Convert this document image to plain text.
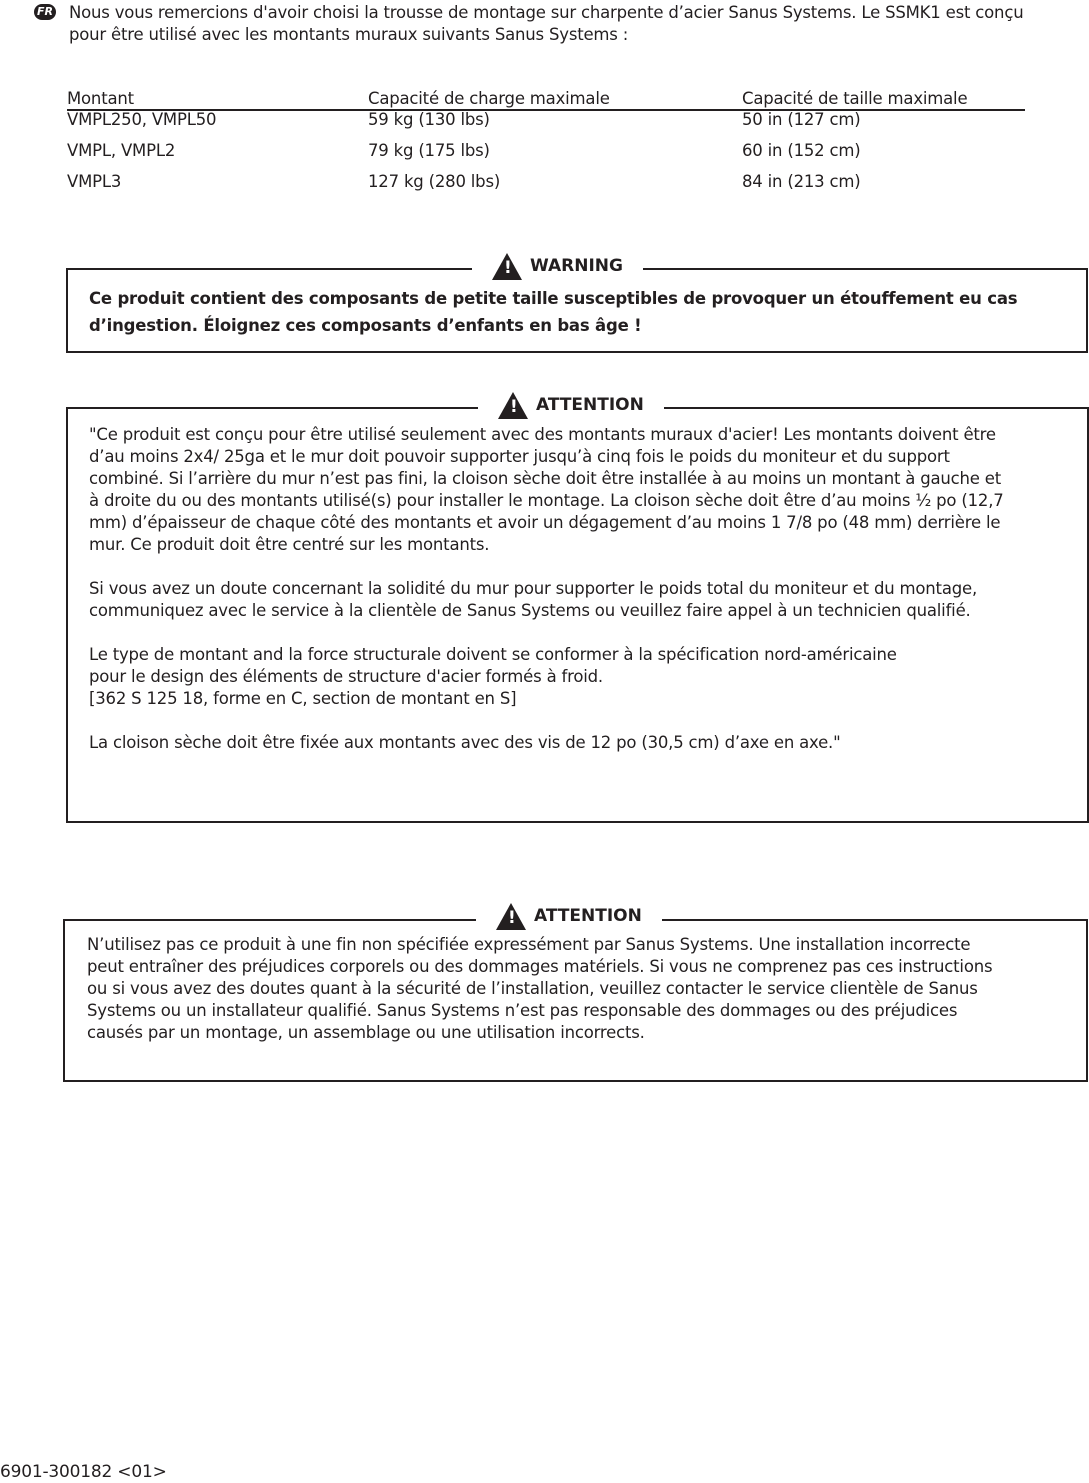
FR Nous vous remercions d'avoir choisi la trousse de montage sur charpente d’acier Sanus Systems. Le SSMK1 est conçu
pour être utilisé avec les montants muraux suivants Sanus Systems :
Montant	Capacité de charge maximale	Capacité de taille maximale
VMPL250, VMPL50	59 kg (130 lbs)	50 in (127 cm)
VMPL, VMPL2	79 kg (175 lbs)	60 in (152 cm)
VMPL3	127 kg (280 lbs)	84 in (213 cm)
! WARNING
Ce produit contient des composants de petite taille susceptibles de provoquer un étouffement eu cas
d’ingestion. Éloignez ces composants d’enfants en bas âge !
! ATTENTION
"Ce produit est conçu pour être utilisé seulement avec des montants muraux d'acier! Les montants doivent être
d’au moins 2x4/ 25ga et le mur doit pouvoir supporter jusqu’à cinq fois le poids du moniteur et du support
combiné. Si l’arrière du mur n’est pas fini, la cloison sèche doit être installée à au moins un montant à gauche et
à droite du ou des montants utilisé(s) pour installer le montage. La cloison sèche doit être d’au moins ½ po (12,7
mm) d’épaisseur de chaque côté des montants et avoir un dégagement d’au moins 1 7/8 po (48 mm) derrière le
mur. Ce produit doit être centré sur les montants.
Si vous avez un doute concernant la solidité du mur pour supporter le poids total du moniteur et du montage,
communiquez avec le service à la clientèle de Sanus Systems ou veuillez faire appel à un technicien qualifié.
Le type de montant and la force structurale doivent se conformer à la spécification nord-américaine
pour le design des éléments de structure d'acier formés à froid.
[362 S 125 18, forme en C, section de montant en S]
La cloison sèche doit être fixée aux montants avec des vis de 12 po (30,5 cm) d’axe en axe."
! ATTENTION
N’utilisez pas ce produit à une fin non spécifiée expressément par Sanus Systems. Une installation incorrecte
peut entraîner des préjudices corporels ou des dommages matériels. Si vous ne comprenez pas ces instructions
ou si vous avez des doutes quant à la sécurité de l’installation, veuillez contacter le service clientèle de Sanus
Systems ou un installateur qualifié. Sanus Systems n’est pas responsable des dommages ou des préjudices
causés par un montage, un assemblage ou une utilisation incorrects.
6901-300182 <01>
